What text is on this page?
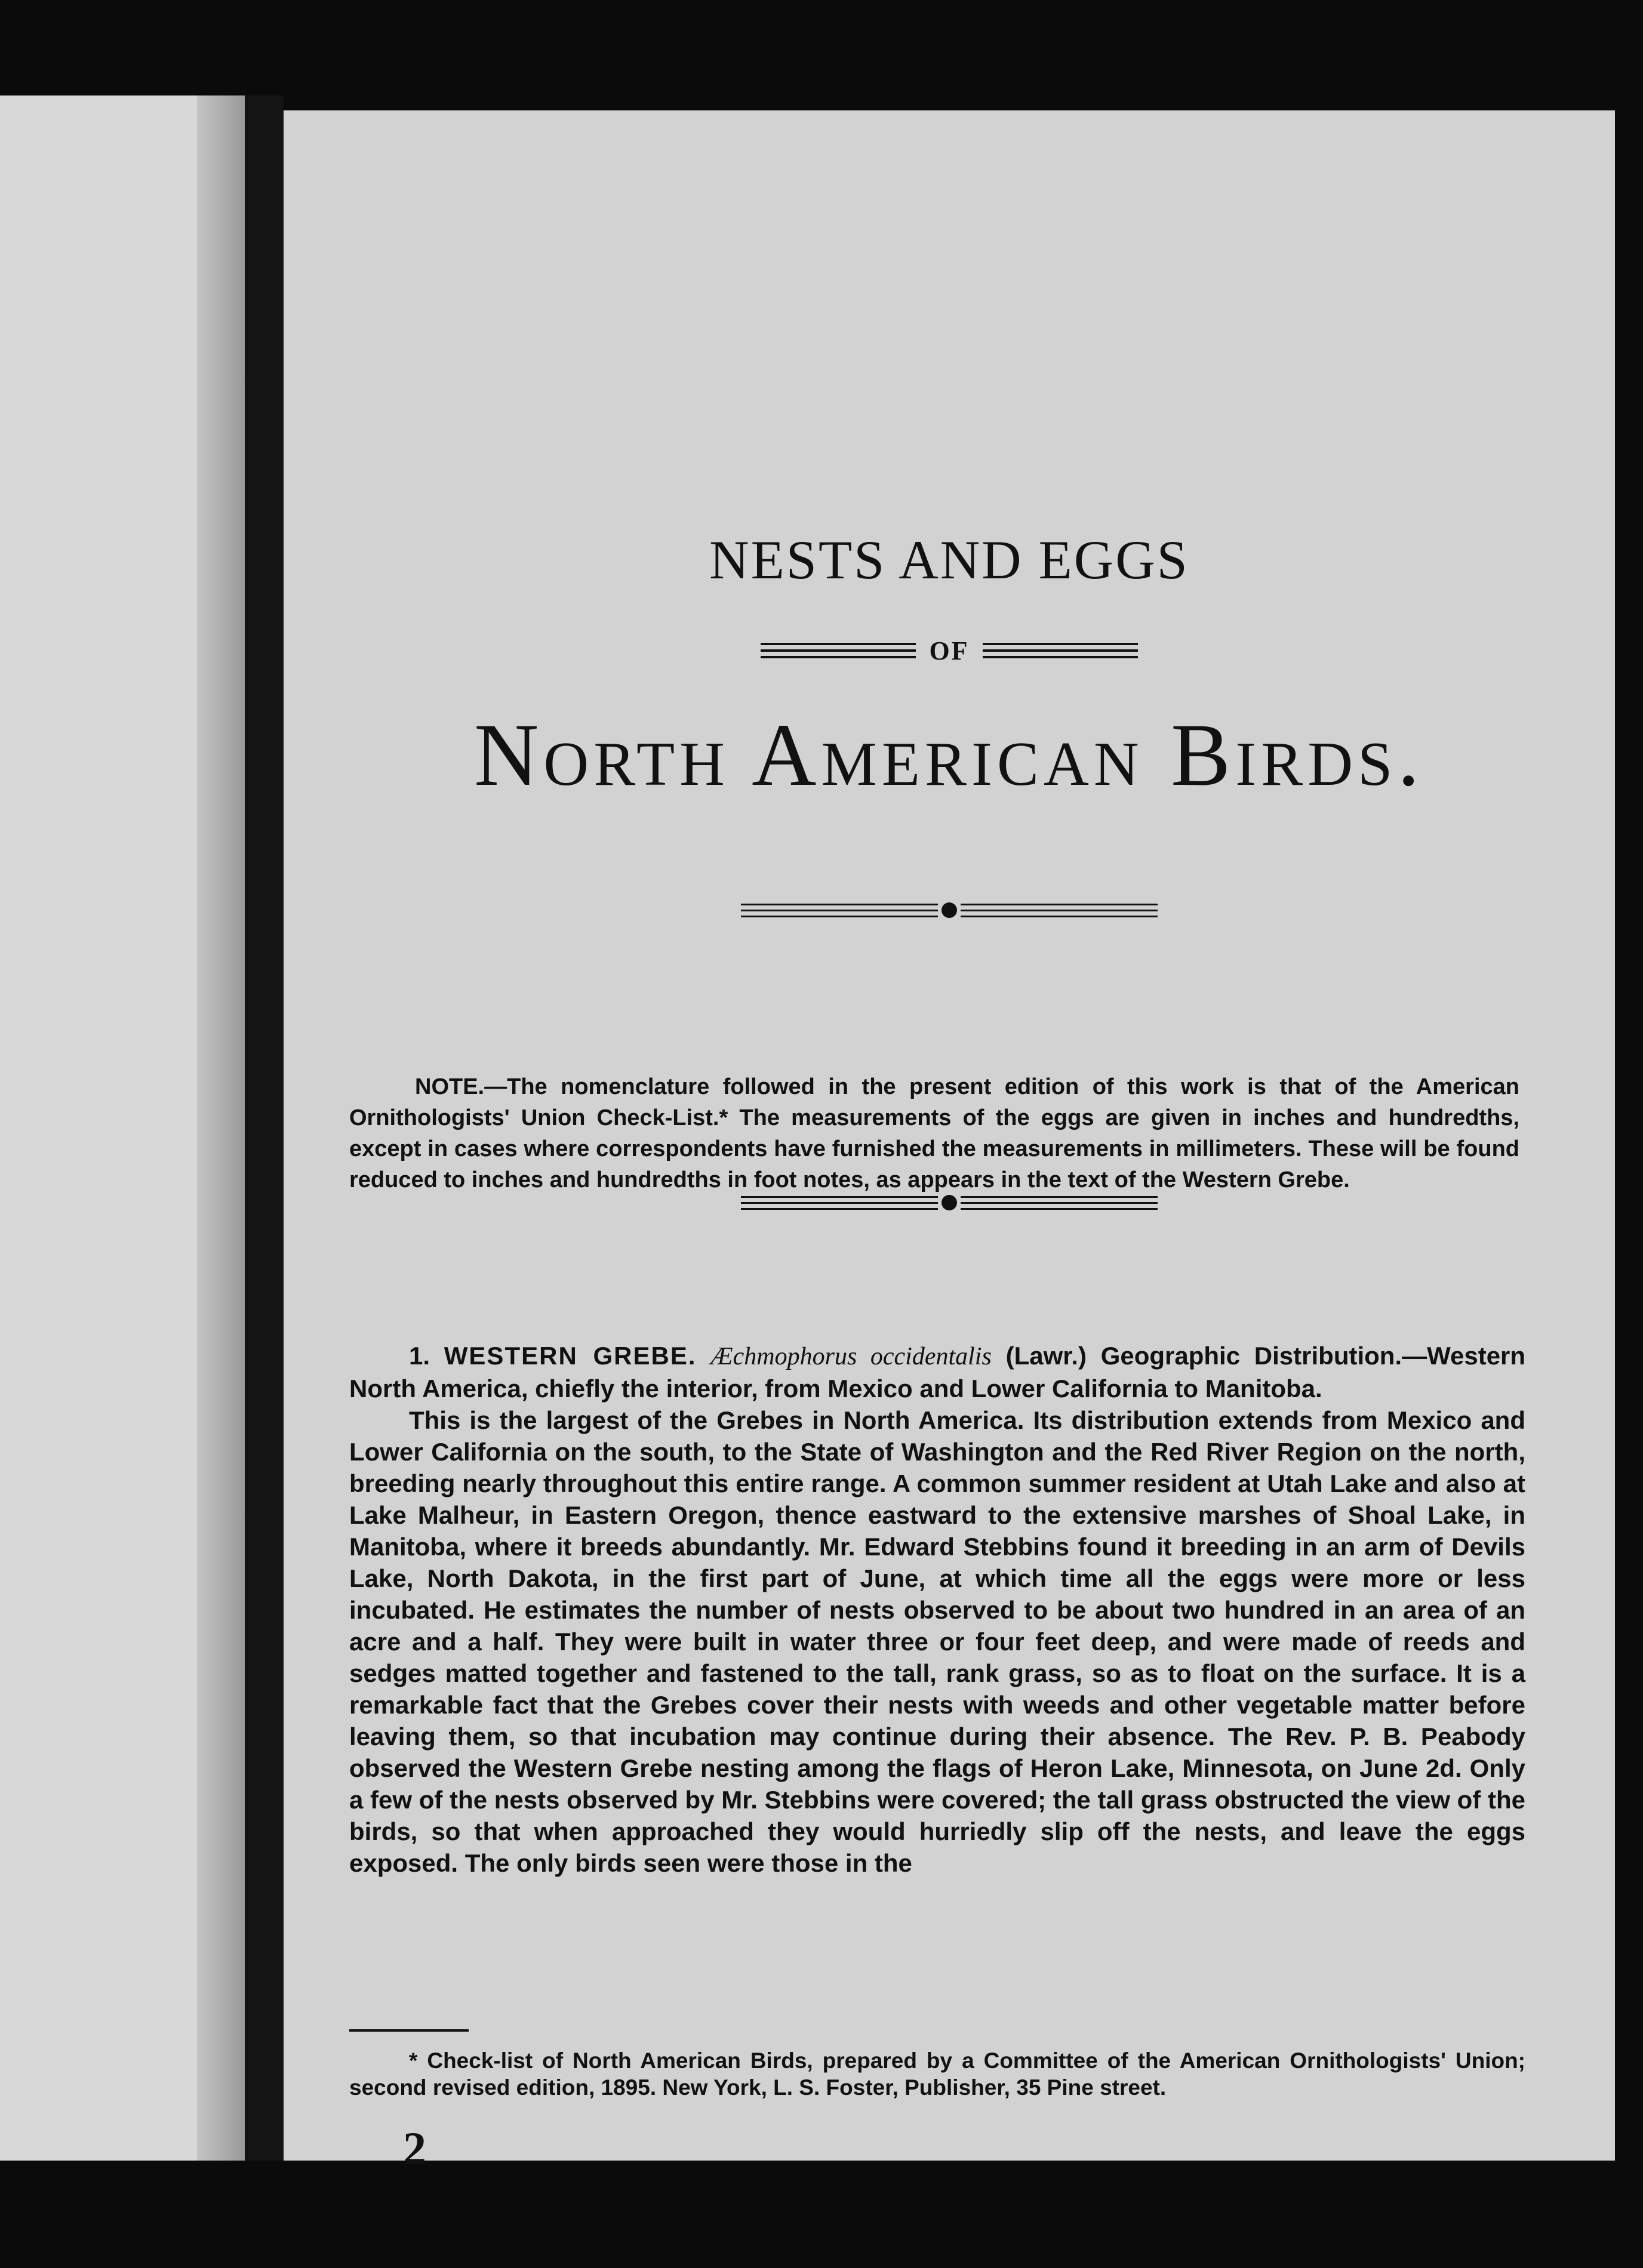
NESTS AND EGGS
OF
North American Birds.
NOTE.—The nomenclature followed in the present edition of this work is that of the American Ornithologists' Union Check-List.* The measurements of the eggs are given in inches and hundredths, except in cases where correspondents have furnished the measurements in millimeters. These will be found reduced to inches and hundredths in foot notes, as appears in the text of the Western Grebe.

1. WESTERN GREBE. Æchmophorus occidentalis (Lawr.) Geographic Distribution.—Western North America, chiefly the interior, from Mexico and Lower California to Manitoba.

This is the largest of the Grebes in North America. Its distribution extends from Mexico and Lower California on the south, to the State of Washington and the Red River Region on the north, breeding nearly throughout this entire range. A common summer resident at Utah Lake and also at Lake Malheur, in Eastern Oregon, thence eastward to the extensive marshes of Shoal Lake, in Manitoba, where it breeds abundantly. Mr. Edward Stebbins found it breeding in an arm of Devils Lake, North Dakota, in the first part of June, at which time all the eggs were more or less incubated. He estimates the number of nests observed to be about two hundred in an area of an acre and a half. They were built in water three or four feet deep, and were made of reeds and sedges matted together and fastened to the tall, rank grass, so as to float on the surface. It is a remarkable fact that the Grebes cover their nests with weeds and other vegetable matter before leaving them, so that incubation may continue during their absence. The Rev. P. B. Peabody observed the Western Grebe nesting among the flags of Heron Lake, Minnesota, on June 2d. Only a few of the nests observed by Mr. Stebbins were covered; the tall grass obstructed the view of the birds, so that when approached they would hurriedly slip off the nests, and leave the eggs exposed. The only birds seen were those in the

* Check-list of North American Birds, prepared by a Committee of the American Ornithologists' Union; second revised edition, 1895. New York, L. S. Foster, Publisher, 35 Pine street.
2
